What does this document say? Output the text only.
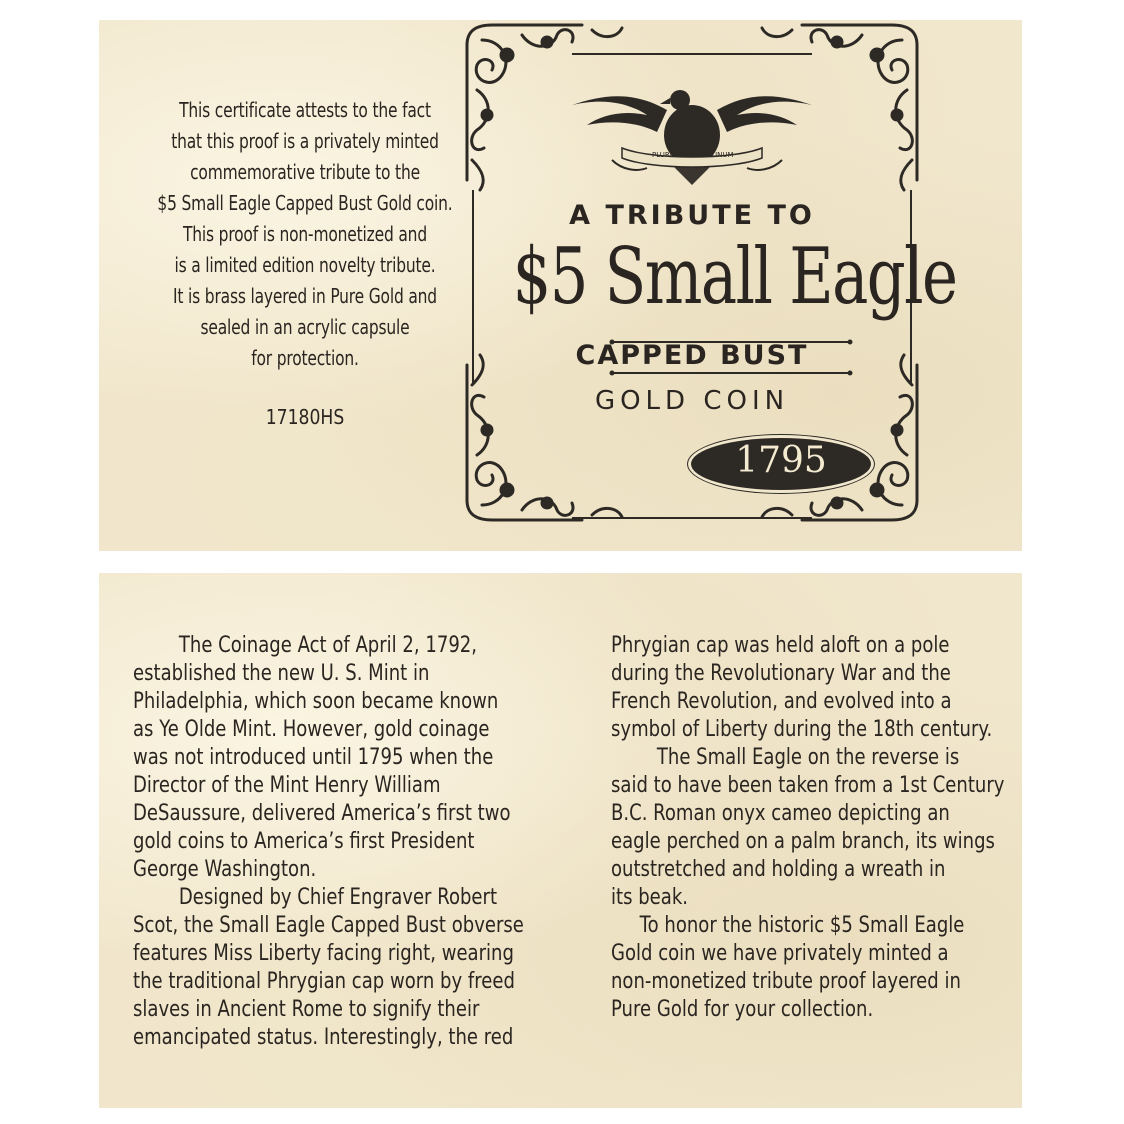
This certificate attests to the fact
that this proof is a privately minted
commemorative tribute to the
$5 Small Eagle Capped Bust Gold coin.
This proof is non-monetized and
is a limited edition novelty tribute.
It is brass layered in Pure Gold and
sealed in an acrylic capsule
for protection.
17180HS
PLURIBUS	UNUM
A TRIBUTE TO
$5 Small Eagle
CAPPED BUST
GOLD COIN
1795
The Coinage Act of April 2, 1792,
established the new U. S. Mint in
Philadelphia, which soon became known
as Ye Olde Mint. However, gold coinage
was not introduced until 1795 when the
Director of the Mint Henry William
DeSaussure, delivered America’s first two
gold coins to America’s first President
George Washington.
Designed by Chief Engraver Robert
Scot, the Small Eagle Capped Bust obverse
features Miss Liberty facing right, wearing
the traditional Phrygian cap worn by freed
slaves in Ancient Rome to signify their
emancipated status. Interestingly, the red
Phrygian cap was held aloft on a pole
during the Revolutionary War and the
French Revolution, and evolved into a
symbol of Liberty during the 18th century.
The Small Eagle on the reverse is
said to have been taken from a 1st Century
B.C. Roman onyx cameo depicting an
eagle perched on a palm branch, its wings
outstretched and holding a wreath in
its beak.
To honor the historic $5 Small Eagle
Gold coin we have privately minted a
non-monetized tribute proof layered in
Pure Gold for your collection.
